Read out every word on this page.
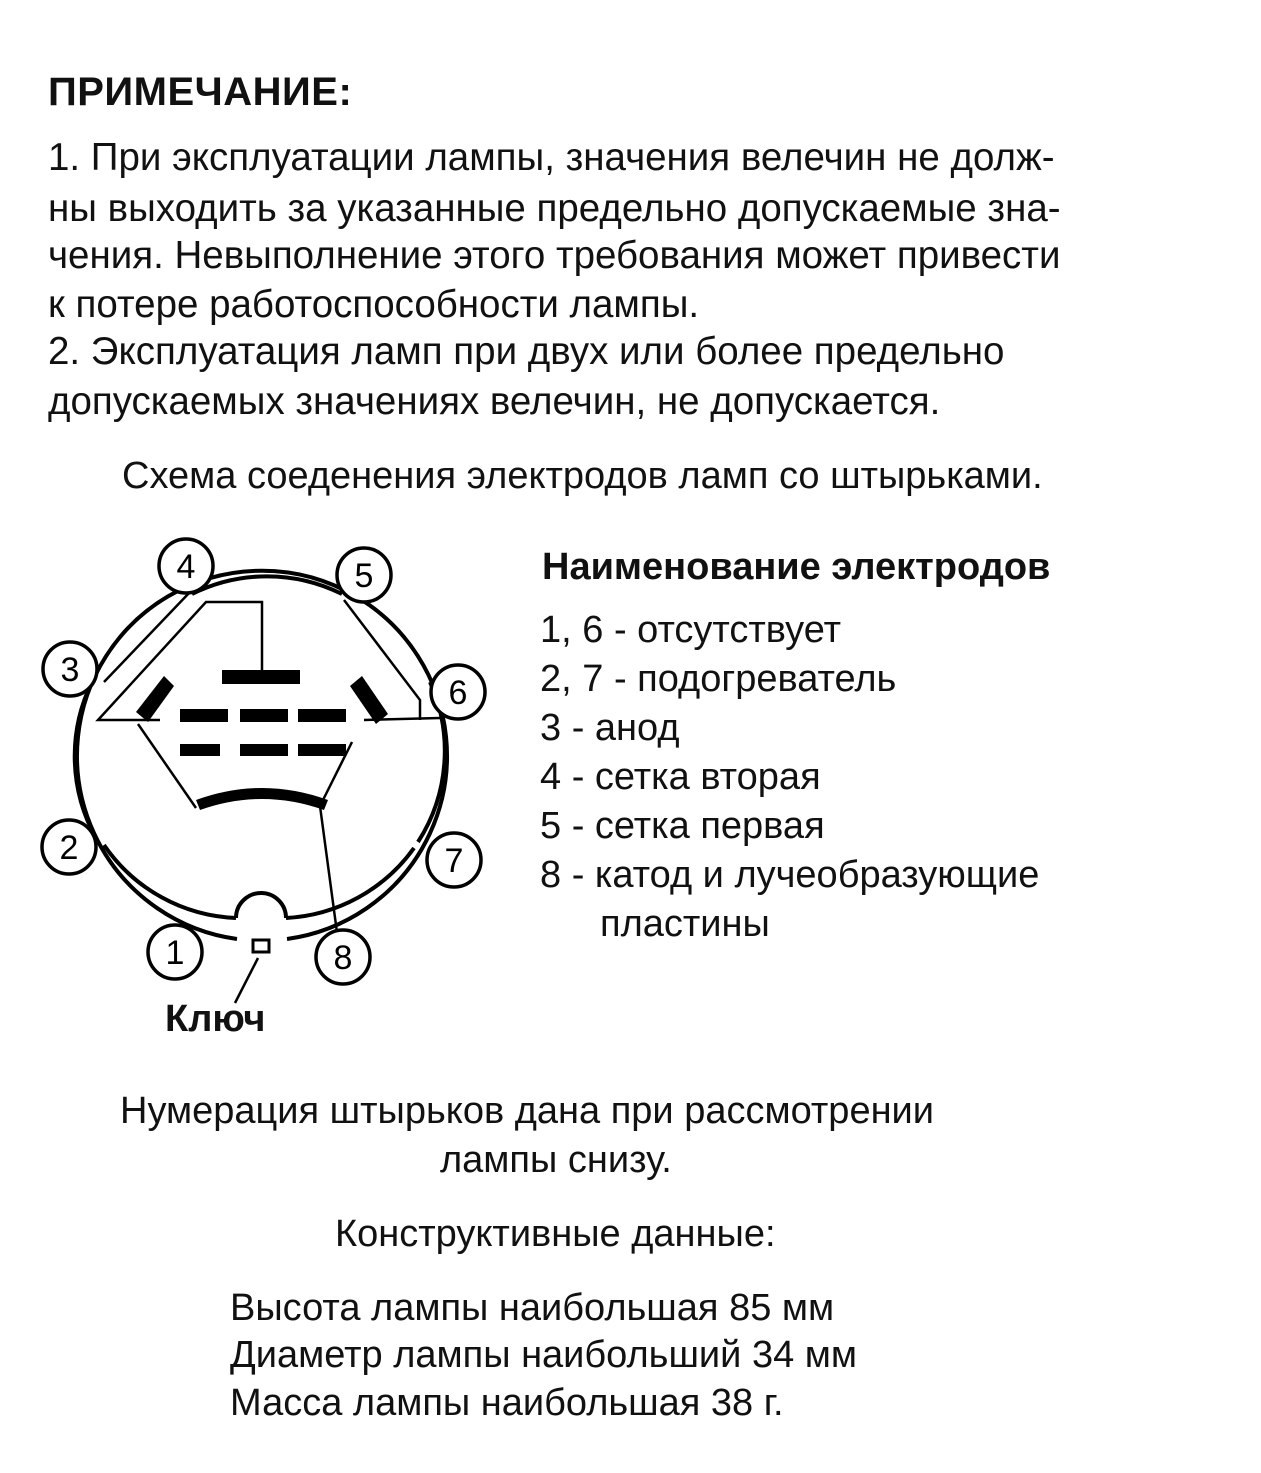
ПРИМЕЧАНИЕ:
1. При эксплуатации лампы, значения велечин не долж-
ны выходить за указанные предельно допускаемые зна-
чения. Невыполнение этого требования может привести
к потере работоспособности лампы.
2. Эксплуатация ламп при двух или более предельно
допускаемых значениях велечин, не допускается.
Схема соеденения электродов ламп со штырьками.
1
2
3
4	5
6
7
8
Ключ
Наименование электродов
1, 6 - отсутствует
2, 7 - подогреватель
3 - анод
4 - сетка вторая
5 - сетка первая
8 - катод и лучеобразующие
пластины
Нумерация штырьков дана при рассмотрении
лампы снизу.
Конструктивные данные:
Высота лампы наибольшая 85 мм
Диаметр лампы наибольший 34 мм
Масса лампы наибольшая 38 г.
